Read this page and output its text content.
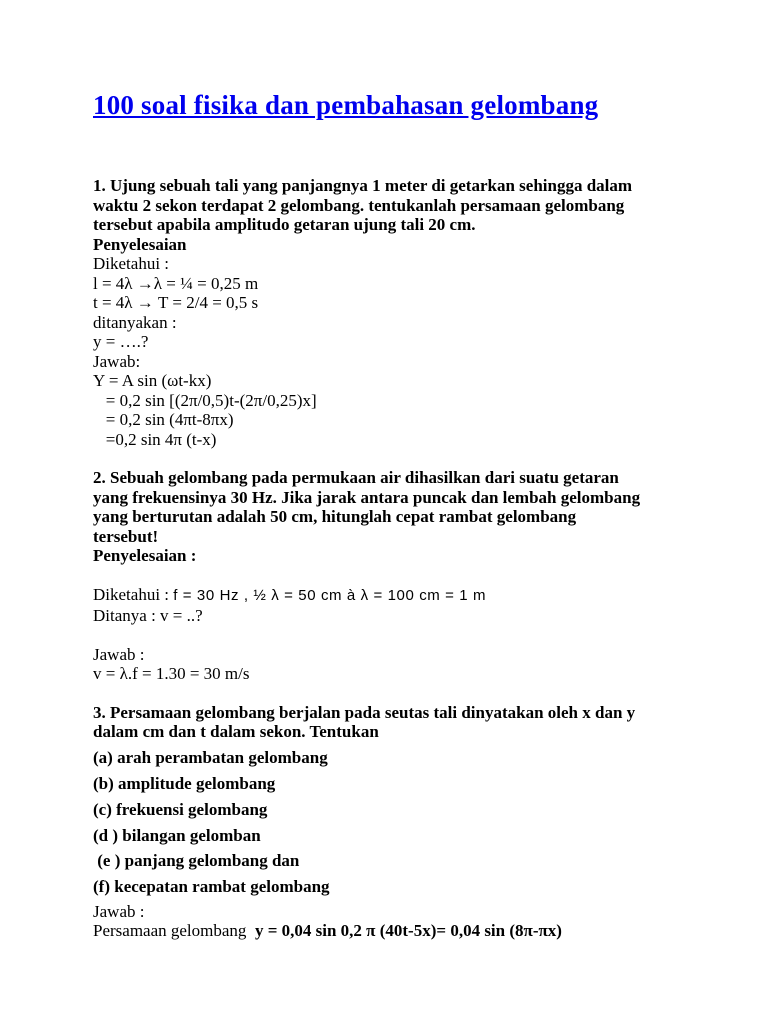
100 soal fisika dan pembahasan gelombang
1. Ujung sebuah tali yang panjangnya 1 meter di getarkan sehingga dalam
waktu 2 sekon terdapat 2 gelombang. tentukanlah persamaan gelombang
tersebut apabila amplitudo getaran ujung tali 20 cm.
Penyelesaian
Diketahui :
l = 4λ →λ = ¼ = 0,25 m
t = 4λ → T = 2/4 = 0,5 s
ditanyakan :
y = ….?
Jawab:
Y = A sin (ωt-kx)
= 0,2 sin [(2π/0,5)t-(2π/0,25)x]
= 0,2 sin (4πt-8πx)
=0,2 sin 4π (t-x)
2. Sebuah gelombang pada permukaan air dihasilkan dari suatu getaran
yang frekuensinya 30 Hz. Jika jarak antara puncak dan lembah gelombang
yang berturutan adalah 50 cm, hitunglah cepat rambat gelombang
tersebut!
Penyelesaian :
Diketahui : f = 30 Hz , ½ λ = 50 cm à λ = 100 cm = 1 m
Ditanya : v = ..?
Jawab :
v = λ.f = 1.30 = 30 m/s
3. Persamaan gelombang berjalan pada seutas tali dinyatakan oleh x dan y
dalam cm dan t dalam sekon. Tentukan
(a) arah perambatan gelombang
(b) amplitude gelombang
(c) frekuensi gelombang
(d ) bilangan gelomban
(e ) panjang gelombang dan
(f) kecepatan rambat gelombang
Jawab :
Persamaan gelombang  y = 0,04 sin 0,2 π (40t-5x)= 0,04 sin (8π-πx)
